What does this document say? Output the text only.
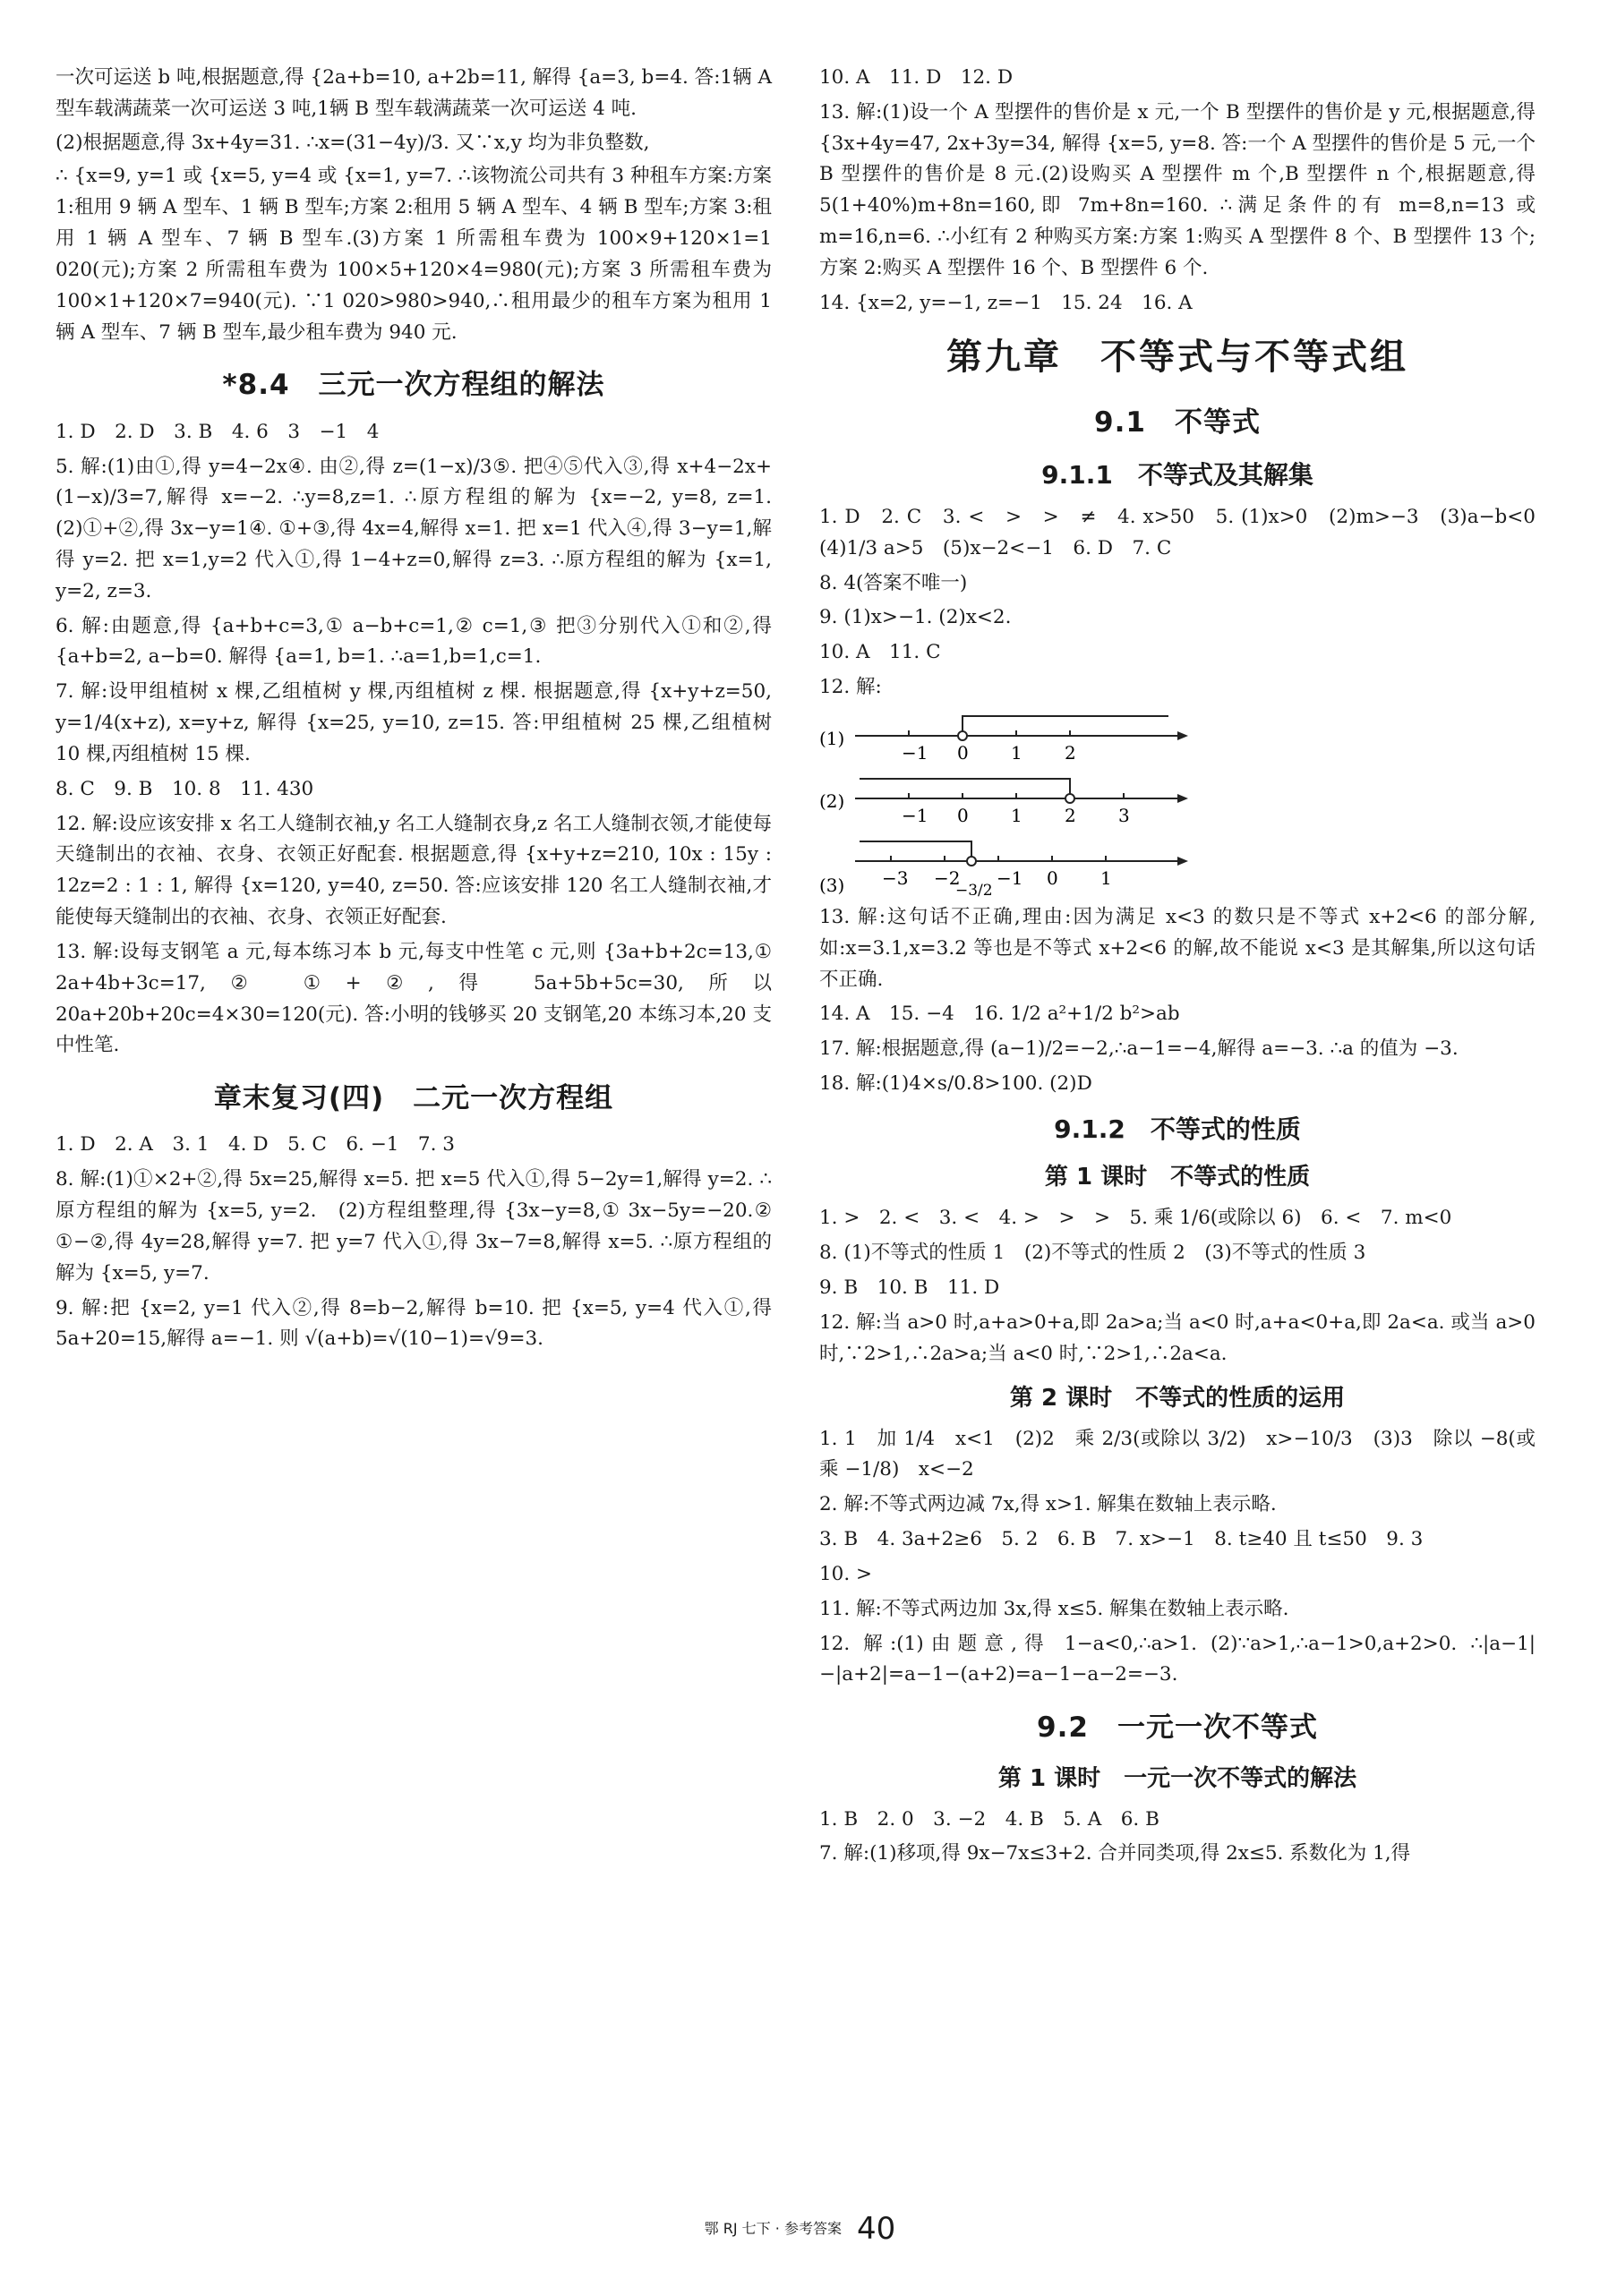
一次可运送 b 吨,根据题意,得 {2a+b=10, a+2b=11, 解得 {a=3, b=4. 答:1辆 A 型车载满蔬菜一次可运送 3 吨,1辆 B 型车载满蔬菜一次可运送 4 吨.

(2)根据题意,得 3x+4y=31. ∴x=(31−4y)/3. 又∵x,y 均为非负整数,

∴ {x=9, y=1 或 {x=5, y=4 或 {x=1, y=7. ∴该物流公司共有 3 种租车方案:方案 1:租用 9 辆 A 型车、1 辆 B 型车;方案 2:租用 5 辆 A 型车、4 辆 B 型车;方案 3:租用 1 辆 A 型车、7 辆 B 型车.(3)方案 1 所需租车费为 100×9+120×1=1 020(元);方案 2 所需租车费为 100×5+120×4=980(元);方案 3 所需租车费为 100×1+120×7=940(元). ∵1 020>980>940,∴租用最少的租车方案为租用 1 辆 A 型车、7 辆 B 型车,最少租车费为 940 元.

*8.4　三元一次方程组的解法

1. D　2. D　3. B　4. 6　3　−1　4

5. 解:(1)由①,得 y=4−2x④. 由②,得 z=(1−x)/3⑤. 把④⑤代入③,得 x+4−2x+(1−x)/3=7,解得 x=−2. ∴y=8,z=1. ∴原方程组的解为 {x=−2, y=8, z=1.　(2)①+②,得 3x−y=1④. ①+③,得 4x=4,解得 x=1. 把 x=1 代入④,得 3−y=1,解得 y=2. 把 x=1,y=2 代入①,得 1−4+z=0,解得 z=3. ∴原方程组的解为 {x=1, y=2, z=3.

6. 解:由题意,得 {a+b+c=3,① a−b+c=1,② c=1,③ 把③分别代入①和②,得 {a+b=2, a−b=0. 解得 {a=1, b=1. ∴a=1,b=1,c=1.

7. 解:设甲组植树 x 棵,乙组植树 y 棵,丙组植树 z 棵. 根据题意,得 {x+y+z=50, y=1/4(x+z), x=y+z, 解得 {x=25, y=10, z=15. 答:甲组植树 25 棵,乙组植树 10 棵,丙组植树 15 棵.

8. C　9. B　10. 8　11. 430

12. 解:设应该安排 x 名工人缝制衣袖,y 名工人缝制衣身,z 名工人缝制衣领,才能使每天缝制出的衣袖、衣身、衣领正好配套. 根据题意,得 {x+y+z=210, 10x : 15y : 12z=2 : 1 : 1, 解得 {x=120, y=40, z=50. 答:应该安排 120 名工人缝制衣袖,才能使每天缝制出的衣袖、衣身、衣领正好配套.

13. 解:设每支钢笔 a 元,每本练习本 b 元,每支中性笔 c 元,则 {3a+b+2c=13,① 2a+4b+3c=17,② ①+②,得 5a+5b+5c=30,所以 20a+20b+20c=4×30=120(元). 答:小明的钱够买 20 支钢笔,20 本练习本,20 支中性笔.

章末复习(四)　二元一次方程组

1. D　2. A　3. 1　4. D　5. C　6. −1　7. 3

8. 解:(1)①×2+②,得 5x=25,解得 x=5. 把 x=5 代入①,得 5−2y=1,解得 y=2. ∴原方程组的解为 {x=5, y=2.　(2)方程组整理,得 {3x−y=8,① 3x−5y=−20.② ①−②,得 4y=28,解得 y=7. 把 y=7 代入①,得 3x−7=8,解得 x=5. ∴原方程组的解为 {x=5, y=7.

9. 解:把 {x=2, y=1 代入②,得 8=b−2,解得 b=10. 把 {x=5, y=4 代入①,得 5a+20=15,解得 a=−1. 则 √(a+b)=√(10−1)=√9=3.

10. A　11. D　12. D

13. 解:(1)设一个 A 型摆件的售价是 x 元,一个 B 型摆件的售价是 y 元,根据题意,得 {3x+4y=47, 2x+3y=34, 解得 {x=5, y=8. 答:一个 A 型摆件的售价是 5 元,一个 B 型摆件的售价是 8 元.(2)设购买 A 型摆件 m 个,B 型摆件 n 个,根据题意,得 5(1+40%)m+8n=160,即 7m+8n=160. ∴满足条件的有 m=8,n=13 或 m=16,n=6. ∴小红有 2 种购买方案:方案 1:购买 A 型摆件 8 个、B 型摆件 13 个;方案 2:购买 A 型摆件 16 个、B 型摆件 6 个.

14. {x=2, y=−1, z=−1　15. 24　16. A

第九章　不等式与不等式组
9.1　不等式
9.1.1　不等式及其解集

1. D　2. C　3. <　>　>　≠　4. x>50　5. (1)x>0　(2)m>−3　(3)a−b<0　(4)1/3 a>5　(5)x−2<−1　6. D　7. C

8. 4(答案不唯一)

9. (1)x>−1. (2)x<2.

10. A　11. C

12. 解:

(1)
−1 0 1 2
(2)
−1 0 1 2 3
(3) −3 −2
−3/2
−1 0 1

13. 解:这句话不正确,理由:因为满足 x<3 的数只是不等式 x+2<6 的部分解,如:x=3.1,x=3.2 等也是不等式 x+2<6 的解,故不能说 x<3 是其解集,所以这句话不正确.

14. A　15. −4　16. 1/2 a²+1/2 b²>ab

17. 解:根据题意,得 (a−1)/2=−2,∴a−1=−4,解得 a=−3. ∴a 的值为 −3.

18. 解:(1)4×s/0.8>100. (2)D

9.1.2　不等式的性质
第 1 课时　不等式的性质

1. >　2. <　3. <　4. >　>　>　5. 乘 1/6(或除以 6)　6. <　7. m<0

8. (1)不等式的性质 1　(2)不等式的性质 2　(3)不等式的性质 3

9. B　10. B　11. D

12. 解:当 a>0 时,a+a>0+a,即 2a>a;当 a<0 时,a+a<0+a,即 2a<a. 或当 a>0 时,∵2>1,∴2a>a;当 a<0 时,∵2>1,∴2a<a.

第 2 课时　不等式的性质的运用

1. 1　加 1/4　x<1　(2)2　乘 2/3(或除以 3/2)　x>−10/3　(3)3　除以 −8(或乘 −1/8)　x<−2

2. 解:不等式两边减 7x,得 x>1. 解集在数轴上表示略.

3. B　4. 3a+2≥6　5. 2　6. B　7. x>−1　8. t≥40 且 t≤50　9. 3

10. >

11. 解:不等式两边加 3x,得 x≤5. 解集在数轴上表示略.

12. 解:(1)由题意,得 1−a<0,∴a>1. (2)∵a>1,∴a−1>0,a+2>0. ∴|a−1|−|a+2|=a−1−(a+2)=a−1−a−2=−3.

9.2　一元一次不等式
第 1 课时　一元一次不等式的解法

1. B　2. 0　3. −2　4. B　5. A　6. B

7. 解:(1)移项,得 9x−7x≤3+2. 合并同类项,得 2x≤5. 系数化为 1,得

鄂 RJ 七下 · 参考答案 40
